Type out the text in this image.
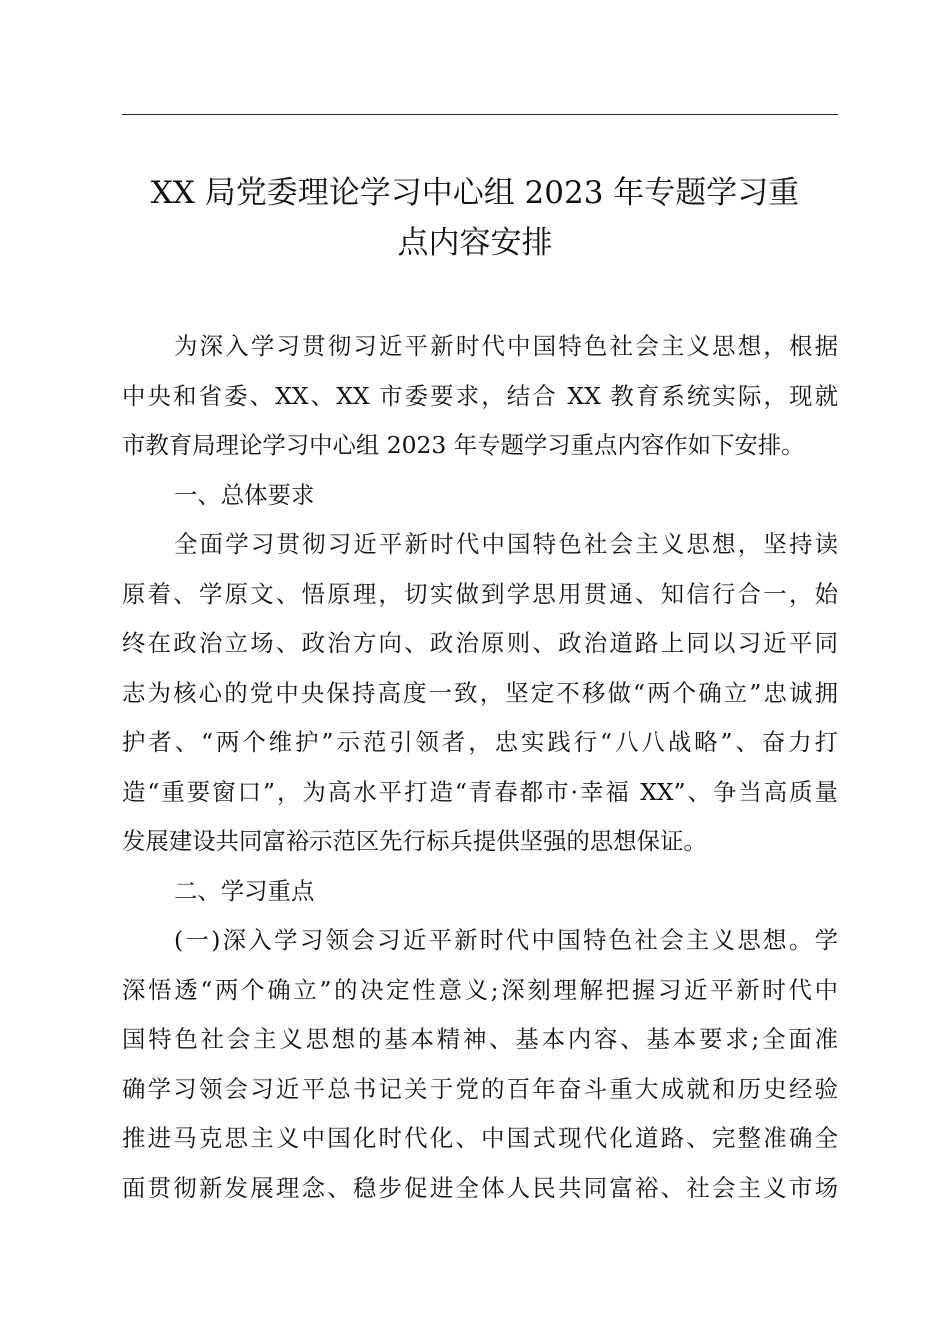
XX 局党委理论学习中心组 2023 年专题学习重
点内容安排

为深入学习贯彻习近平新时代中国特色社会主义思想，根据
中央和省委、XX、XX 市委要求，结合 XX 教育系统实际，现就
市教育局理论学习中心组 2023 年专题学习重点内容作如下安排。

一、总体要求

全面学习贯彻习近平新时代中国特色社会主义思想，坚持读
原着、学原文、悟原理，切实做到学思用贯通、知信行合一，始
终在政治立场、政治方向、政治原则、政治道路上同以习近平同
志为核心的党中央保持高度一致，坚定不移做“两个确立”忠诚拥
护者、“两个维护”示范引领者，忠实践行“八八战略”、奋力打
造“重要窗口”，为高水平打造“青春都市·幸福 XX”、争当高质量
发展建设共同富裕示范区先行标兵提供坚强的思想保证。

二、学习重点

(一)深入学习领会习近平新时代中国特色社会主义思想。学
深悟透“两个确立”的决定性意义;深刻理解把握习近平新时代中
国特色社会主义思想的基本精神、基本内容、基本要求;全面准
确学习领会习近平总书记关于党的百年奋斗重大成就和历史经验
推进马克思主义中国化时代化、中国式现代化道路、完整准确全
面贯彻新发展理念、稳步促进全体人民共同富裕、社会主义市场
